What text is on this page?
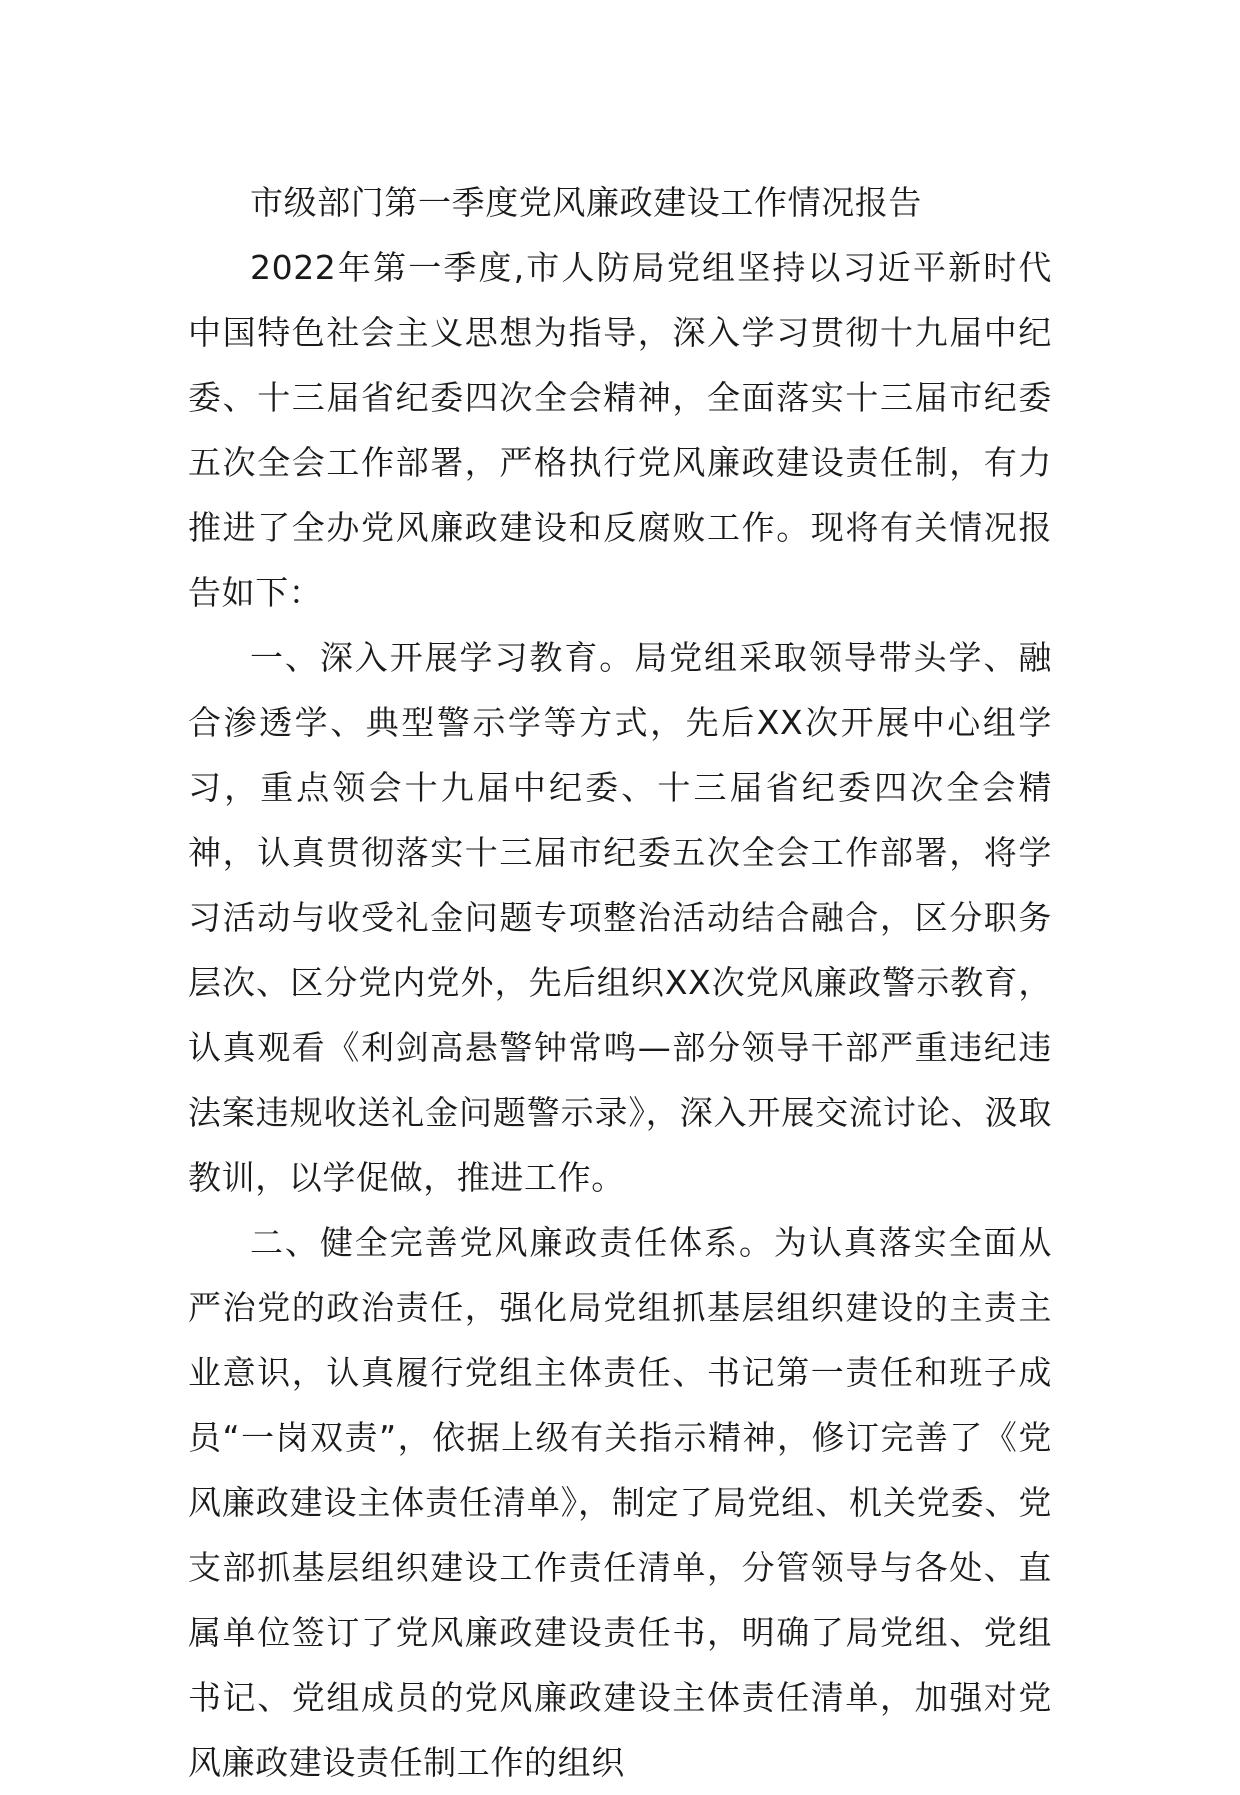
市级部门第一季度党风廉政建设工作情况报告

2022年第一季度,市人防局党组坚持以习近平新时代中国特色社会主义思想为指导，深入学习贯彻十九届中纪委、十三届省纪委四次全会精神，全面落实十三届市纪委五次全会工作部署，严格执行党风廉政建设责任制，有力推进了全办党风廉政建设和反腐败工作。现将有关情况报告如下：

一、深入开展学习教育。局党组采取领导带头学、融合渗透学、典型警示学等方式，先后XX次开展中心组学习，重点领会十九届中纪委、十三届省纪委四次全会精神，认真贯彻落实十三届市纪委五次全会工作部署，将学习活动与收受礼金问题专项整治活动结合融合，区分职务层次、区分党内党外，先后组织XX次党风廉政警示教育，认真观看《利剑高悬警钟常鸣—部分领导干部严重违纪违法案违规收送礼金问题警示录》，深入开展交流讨论、汲取教训，以学促做，推进工作。

二、健全完善党风廉政责任体系。为认真落实全面从严治党的政治责任，强化局党组抓基层组织建设的主责主业意识，认真履行党组主体责任、书记第一责任和班子成员“一岗双责”，依据上级有关指示精神，修订完善了《党风廉政建设主体责任清单》，制定了局党组、机关党委、党支部抓基层组织建设工作责任清单，分管领导与各处、直属单位签订了党风廉政建设责任书，明确了局党组、党组书记、党组成员的党风廉政建设主体责任清单，加强对党风廉政建设责任制工作的组织
